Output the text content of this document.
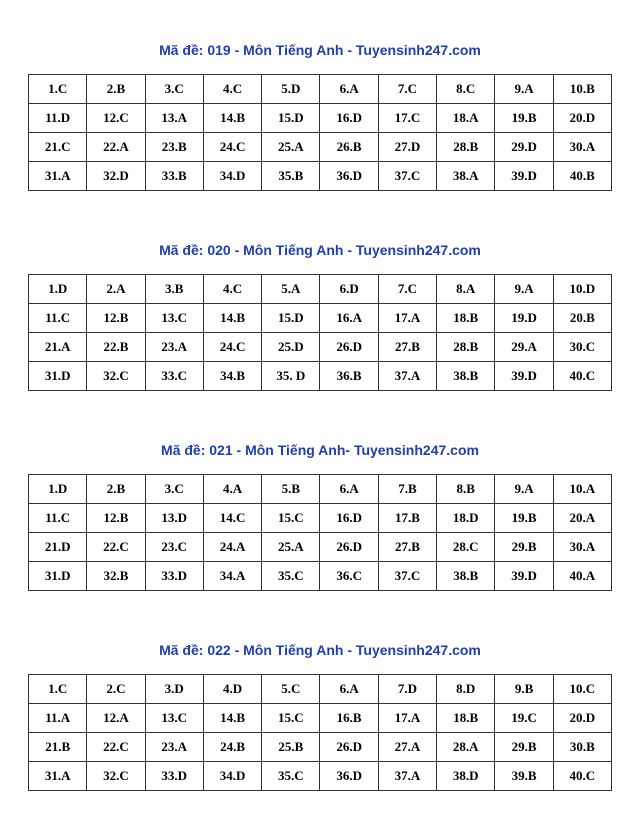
Mã đề: 019 - Môn Tiếng Anh - Tuyensinh247.com
1.C	2.B	3.C	4.C	5.D	6.A	7.C	8.C	9.A	10.B
11.D	12.C	13.A	14.B	15.D	16.D	17.C	18.A	19.B	20.D
21.C	22.A	23.B	24.C	25.A	26.B	27.D	28.B	29.D	30.A
31.A	32.D	33.B	34.D	35.B	36.D	37.C	38.A	39.D	40.B
Mã đề: 020 - Môn Tiếng Anh - Tuyensinh247.com
1.D	2.A	3.B	4.C	5.A	6.D	7.C	8.A	9.A	10.D
11.C	12.B	13.C	14.B	15.D	16.A	17.A	18.B	19.D	20.B
21.A	22.B	23.A	24.C	25.D	26.D	27.B	28.B	29.A	30.C
31.D	32.C	33.C	34.B	35. D	36.B	37.A	38.B	39.D	40.C
Mã đề: 021 - Môn Tiếng Anh- Tuyensinh247.com
1.D	2.B	3.C	4.A	5.B	6.A	7.B	8.B	9.A	10.A
11.C	12.B	13.D	14.C	15.C	16.D	17.B	18.D	19.B	20.A
21.D	22.C	23.C	24.A	25.A	26.D	27.B	28.C	29.B	30.A
31.D	32.B	33.D	34.A	35.C	36.C	37.C	38.B	39.D	40.A
Mã đề: 022 - Môn Tiếng Anh - Tuyensinh247.com
1.C	2.C	3.D	4.D	5.C	6.A	7.D	8.D	9.B	10.C
11.A	12.A	13.C	14.B	15.C	16.B	17.A	18.B	19.C	20.D
21.B	22.C	23.A	24.B	25.B	26.D	27.A	28.A	29.B	30.B
31.A	32.C	33.D	34.D	35.C	36.D	37.A	38.D	39.B	40.C
